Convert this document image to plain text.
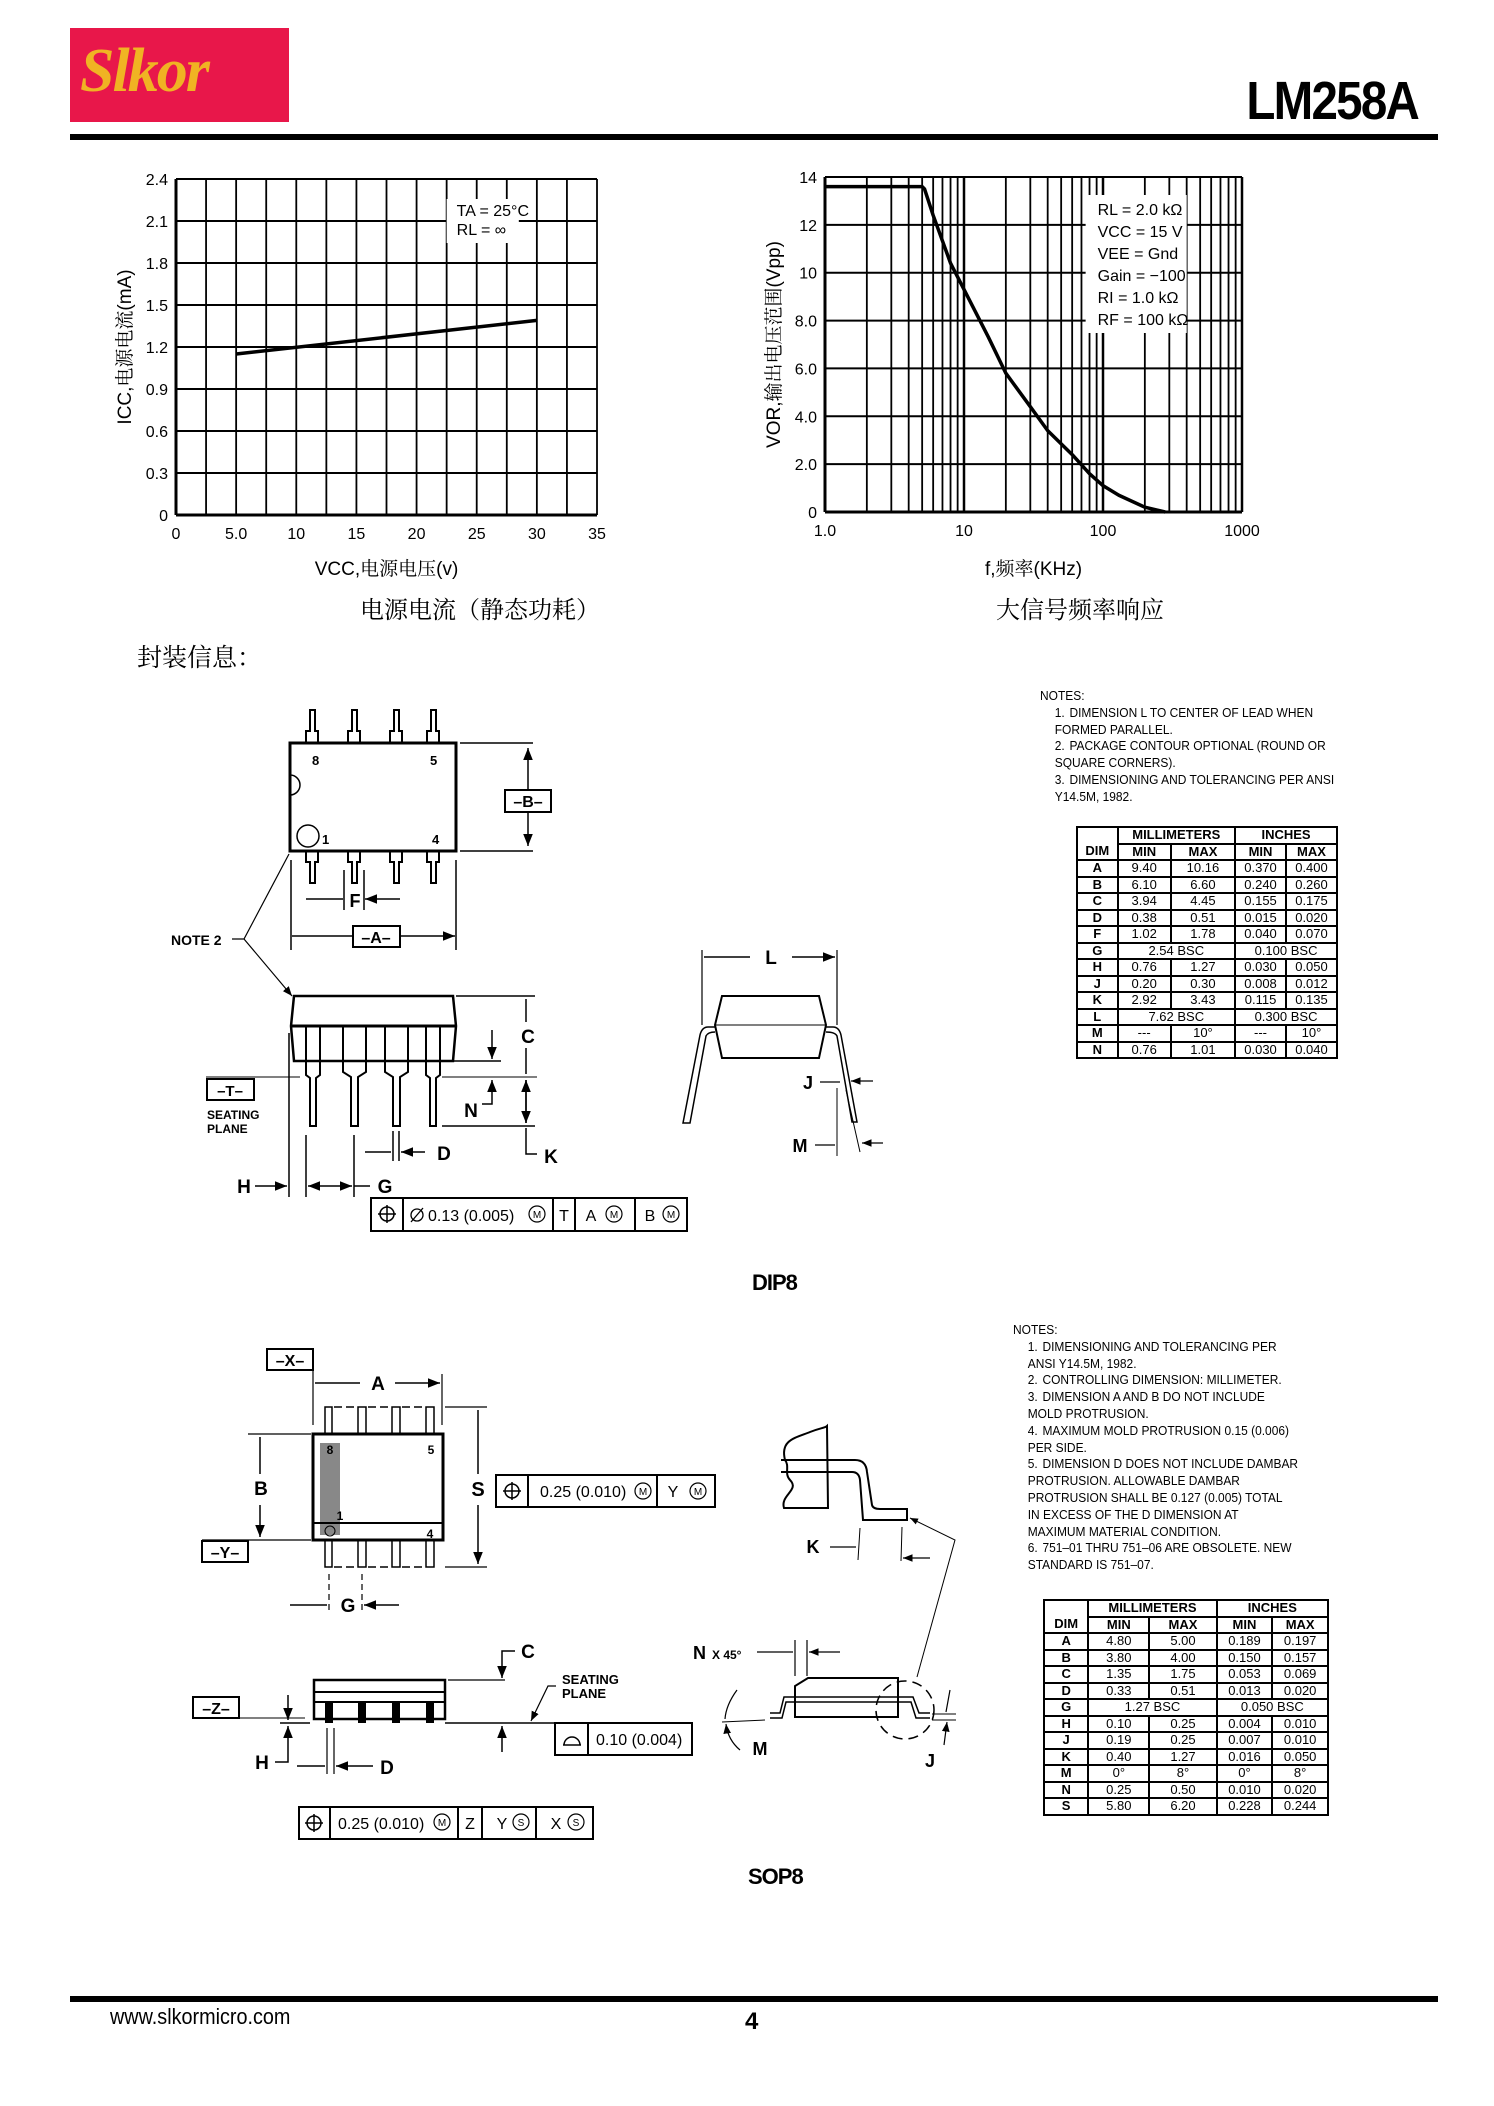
Slkor	LM258A
TA = 25°C
RL = ∞
0	5.0	10	15	20	25	30	35
0
0.3
0.6
0.9
1.2
1.5
1.8
2.1
2.4
VCC,电源电压(v)
ICC,电源电流(mA)
RL = 2.0 kΩ
VCC = 15 V
VEE = Gnd
Gain = −100
RI = 1.0 kΩ
RF = 100 kΩ
1.0	10	100	1000
0
2.0
4.0
6.0
8.0
10
12
14
f,频率(KHz)
VOR,输出电压范围(Vpp)
电源电流（静态功耗）	大信号频率响应
封装信息：
8	5
1	4
–B–
F
–A–
NOTE 2
–T–
SEATING
PLANE
C
N
K
D
H	G
0.13 (0.005) M T A M B M
L
J
M
–X–
A
8	5
1
4
B
–Y–
S	0.25 (0.010) M Y M
G
–Z–
C
SEATING
PLANE
0.10 (0.004)
H	D
0.25 (0.010) M Z Y S X S
K
N X 45°
M
J
DIP8
SOP8
NOTES:
1. DIMENSION L TO CENTER OF LEAD WHEN
FORMED PARALLEL.
2. PACKAGE CONTOUR OPTIONAL (ROUND OR
SQUARE CORNERS).
3. DIMENSIONING AND TOLERANCING PER ANSI
Y14.5M, 1982.
	MILLIMETERS		INCHES	
DIM	MIN	MAX	MIN	MAX
A	9.40	10.16	0.370	0.400
B	6.10	6.60	0.240	0.260
C	3.94	4.45	0.155	0.175
D	0.38	0.51	0.015	0.020
F	1.02	1.78	0.040	0.070
G	2.54 BSC		0.100 BSC	
H	0.76	1.27	0.030	0.050
J	0.20	0.30	0.008	0.012
K	2.92	3.43	0.115	0.135
L	7.62 BSC		0.300 BSC	
M	---	10°	---	10°
N	0.76	1.01	0.030	0.040
NOTES:
1. DIMENSIONING AND TOLERANCING PER
ANSI Y14.5M, 1982.
2. CONTROLLING DIMENSION: MILLIMETER.
3. DIMENSION A AND B DO NOT INCLUDE
MOLD PROTRUSION.
4. MAXIMUM MOLD PROTRUSION 0.15 (0.006)
PER SIDE.
5. DIMENSION D DOES NOT INCLUDE DAMBAR
PROTRUSION. ALLOWABLE DAMBAR
PROTRUSION SHALL BE 0.127 (0.005) TOTAL
IN EXCESS OF THE D DIMENSION AT
MAXIMUM MATERIAL CONDITION.
6. 751–01 THRU 751–06 ARE OBSOLETE. NEW
STANDARD IS 751–07.
	MILLIMETERS		INCHES	
DIM	MIN	MAX	MIN	MAX
A	4.80	5.00	0.189	0.197
B	3.80	4.00	0.150	0.157
C	1.35	1.75	0.053	0.069
D	0.33	0.51	0.013	0.020
G	1.27 BSC		0.050 BSC	
H	0.10	0.25	0.004	0.010
J	0.19	0.25	0.007	0.010
K	0.40	1.27	0.016	0.050
M	0°	8°	0°	8°
N	0.25	0.50	0.010	0.020
S	5.80	6.20	0.228	0.244
www.slkormicro.com	4
